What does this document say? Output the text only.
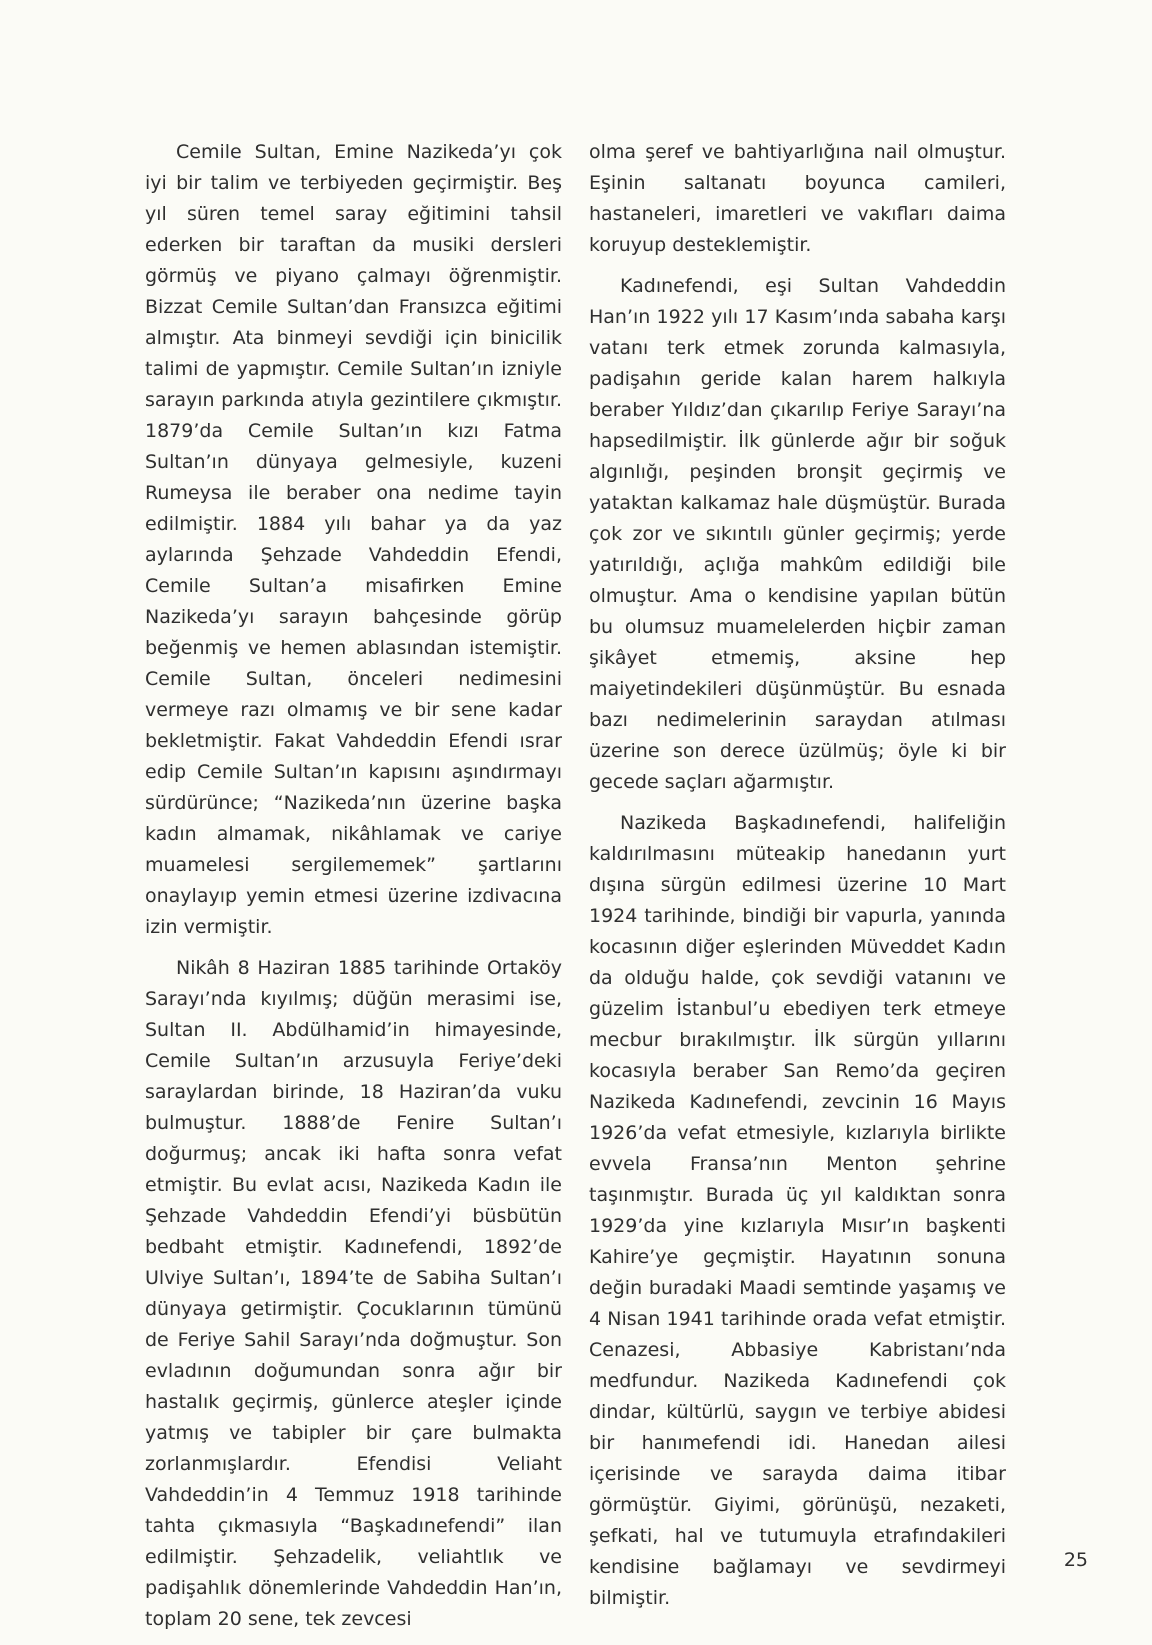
Cemile Sultan, Emine Nazikeda’yı çok iyi bir talim ve terbiyeden geçirmiştir. Beş yıl süren temel saray eğitimini tahsil ederken bir taraftan da musiki dersleri görmüş ve piyano çalmayı öğrenmiştir. Bizzat Cemile Sultan’dan Fransızca eğitimi almıştır. Ata binmeyi sevdiği için binicilik talimi de yapmıştır. Cemile Sultan’ın izniyle sarayın parkında atıyla gezintilere çıkmıştır. 1879’da Cemile Sultan’ın kızı Fatma Sultan’ın dünyaya gelmesiyle, kuzeni Rumeysa ile beraber ona nedime tayin edilmiştir. 1884 yılı bahar ya da yaz aylarında Şehzade Vahdeddin Efendi, Cemile Sultan’a misafirken Emine Nazikeda’yı sarayın bahçesinde görüp beğenmiş ve hemen ablasından istemiştir. Cemile Sultan, önceleri nedimesini vermeye razı olmamış ve bir sene kadar bekletmiştir. Fakat Vahdeddin Efendi ısrar edip Cemile Sultan’ın kapısını aşındırmayı sürdürünce; “Nazikeda’nın üzerine başka kadın almamak, nikâhlamak ve cariye muamelesi sergilememek” şartlarını onaylayıp yemin etmesi üzerine izdivacına izin vermiştir.

Nikâh 8 Haziran 1885 tarihinde Ortaköy Sarayı’nda kıyılmış; düğün merasimi ise, Sultan II. Abdülhamid’in himayesinde, Cemile Sultan’ın arzusuyla Feriye’deki saraylardan birinde, 18 Haziran’da vuku bulmuştur. 1888’de Fenire Sultan’ı doğurmuş; ancak iki hafta sonra vefat etmiştir. Bu evlat acısı, Nazikeda Kadın ile Şehzade Vahdeddin Efendi’yi büsbütün bedbaht etmiştir. Kadınefendi, 1892’de Ulviye Sultan’ı, 1894’te de Sabiha Sultan’ı dünyaya getirmiştir. Çocuklarının tümünü de Feriye Sahil Sarayı’nda doğmuştur. Son evladının doğumundan sonra ağır bir hastalık geçirmiş, günlerce ateşler içinde yatmış ve tabipler bir çare bulmakta zorlanmışlardır. Efendisi Veliaht Vahdeddin’in 4 Temmuz 1918 tarihinde tahta çıkmasıyla “Başkadınefendi” ilan edilmiştir. Şehzadelik, veliahtlık ve padişahlık dönemlerinde Vahdeddin Han’ın, toplam 20 sene, tek zevcesi

olma şeref ve bahtiyarlığına nail olmuştur. Eşinin saltanatı boyunca camileri, hastaneleri, imaretleri ve vakıfları daima koruyup desteklemiştir.

Kadınefendi, eşi Sultan Vahdeddin Han’ın 1922 yılı 17 Kasım’ında sabaha karşı vatanı terk etmek zorunda kalmasıyla, padişahın geride kalan harem halkıyla beraber Yıldız’dan çıkarılıp Feriye Sarayı’na hapsedilmiştir. İlk günlerde ağır bir soğuk algınlığı, peşinden bronşit geçirmiş ve yataktan kalkamaz hale düşmüştür. Burada çok zor ve sıkıntılı günler geçirmiş; yerde yatırıldığı, açlığa mahkûm edildiği bile olmuştur. Ama o kendisine yapılan bütün bu olumsuz muamelelerden hiçbir zaman şikâyet etmemiş, aksine hep maiyetindekileri düşünmüştür. Bu esnada bazı nedimelerinin saraydan atılması üzerine son derece üzülmüş; öyle ki bir gecede saçları ağarmıştır.

Nazikeda Başkadınefendi, halifeliğin kaldırılmasını müteakip hanedanın yurt dışına sürgün edilmesi üzerine 10 Mart 1924 tarihinde, bindiği bir vapurla, yanında kocasının diğer eşlerinden Müveddet Kadın da olduğu halde, çok sevdiği vatanını ve güzelim İstanbul’u ebediyen terk etmeye mecbur bırakılmıştır. İlk sürgün yıllarını kocasıyla beraber San Remo’da geçiren Nazikeda Kadınefendi, zevcinin 16 Mayıs 1926’da vefat etmesiyle, kızlarıyla birlikte evvela Fransa’nın Menton şehrine taşınmıştır. Burada üç yıl kaldıktan sonra 1929’da yine kızlarıyla Mısır’ın başkenti Kahire’ye geçmiştir. Hayatının sonuna değin buradaki Maadi semtinde yaşamış ve 4 Nisan 1941 tarihinde orada vefat etmiştir. Cenazesi, Abbasiye Kabristanı’nda medfundur. Nazikeda Kadınefendi çok dindar, kültürlü, saygın ve terbiye abidesi bir hanımefendi idi. Hanedan ailesi içerisinde ve sarayda daima itibar görmüştür. Giyimi, görünüşü, nezaketi, şefkati, hal ve tutumuyla etrafındakileri kendisine bağlamayı ve sevdirmeyi bilmiştir.

25
